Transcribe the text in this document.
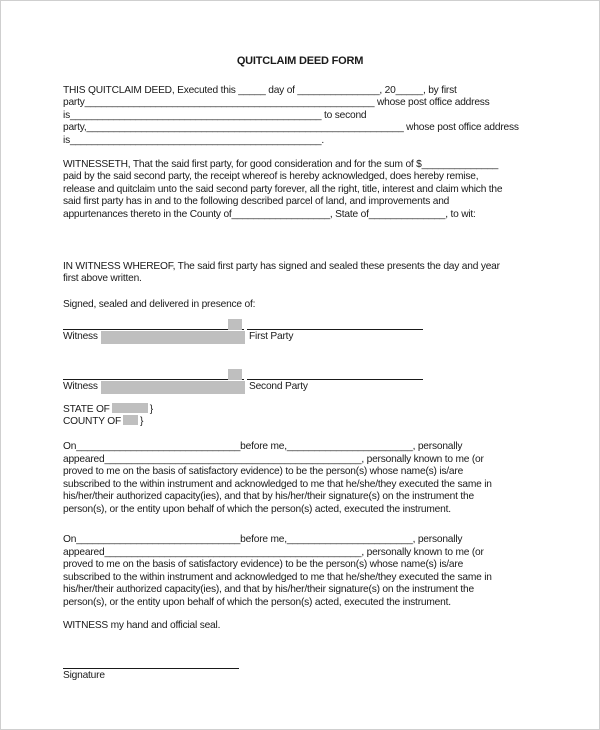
QUITCLAIM DEED FORM
THIS QUITCLAIM DEED, Executed this _____ day of _______________, 20_____, by first
party_____________________________________________________ whose post office address
is______________________________________________ to second
party,__________________________________________________________ whose post office address
is______________________________________________.
WITNESSETH, That the said first party, for good consideration and for the sum of $______________
paid by the said second party, the receipt whereof is hereby acknowledged, does hereby remise,
release and quitclaim unto the said second party forever, all the right, title, interest and claim which the
said first party has in and to the following described parcel of land, and improvements and
appurtenances thereto in the County of__________________, State of______________, to wit:
IN WITNESS WHEREOF, The said first party has signed and sealed these presents the day and year
first above written.
Signed, sealed and delivered in presence of:
Witness	First Party
Witness	Second Party
STATE OF	}
COUNTY OF }
On______________________________before me,_______________________, personally
appeared_______________________________________________, personally known to me (or
proved to me on the basis of satisfactory evidence) to be the person(s) whose name(s) is/are
subscribed to the within instrument and acknowledged to me that he/she/they executed the same in
his/her/their authorized capacity(ies), and that by his/her/their signature(s) on the instrument the
person(s), or the entity upon behalf of which the person(s) acted, executed the instrument.
On______________________________before me,_______________________, personally
appeared_______________________________________________, personally known to me (or
proved to me on the basis of satisfactory evidence) to be the person(s) whose name(s) is/are
subscribed to the within instrument and acknowledged to me that he/she/they executed the same in
his/her/their authorized capacity(ies), and that by his/her/their signature(s) on the instrument the
person(s), or the entity upon behalf of which the person(s) acted, executed the instrument.
WITNESS my hand and official seal.
Signature
